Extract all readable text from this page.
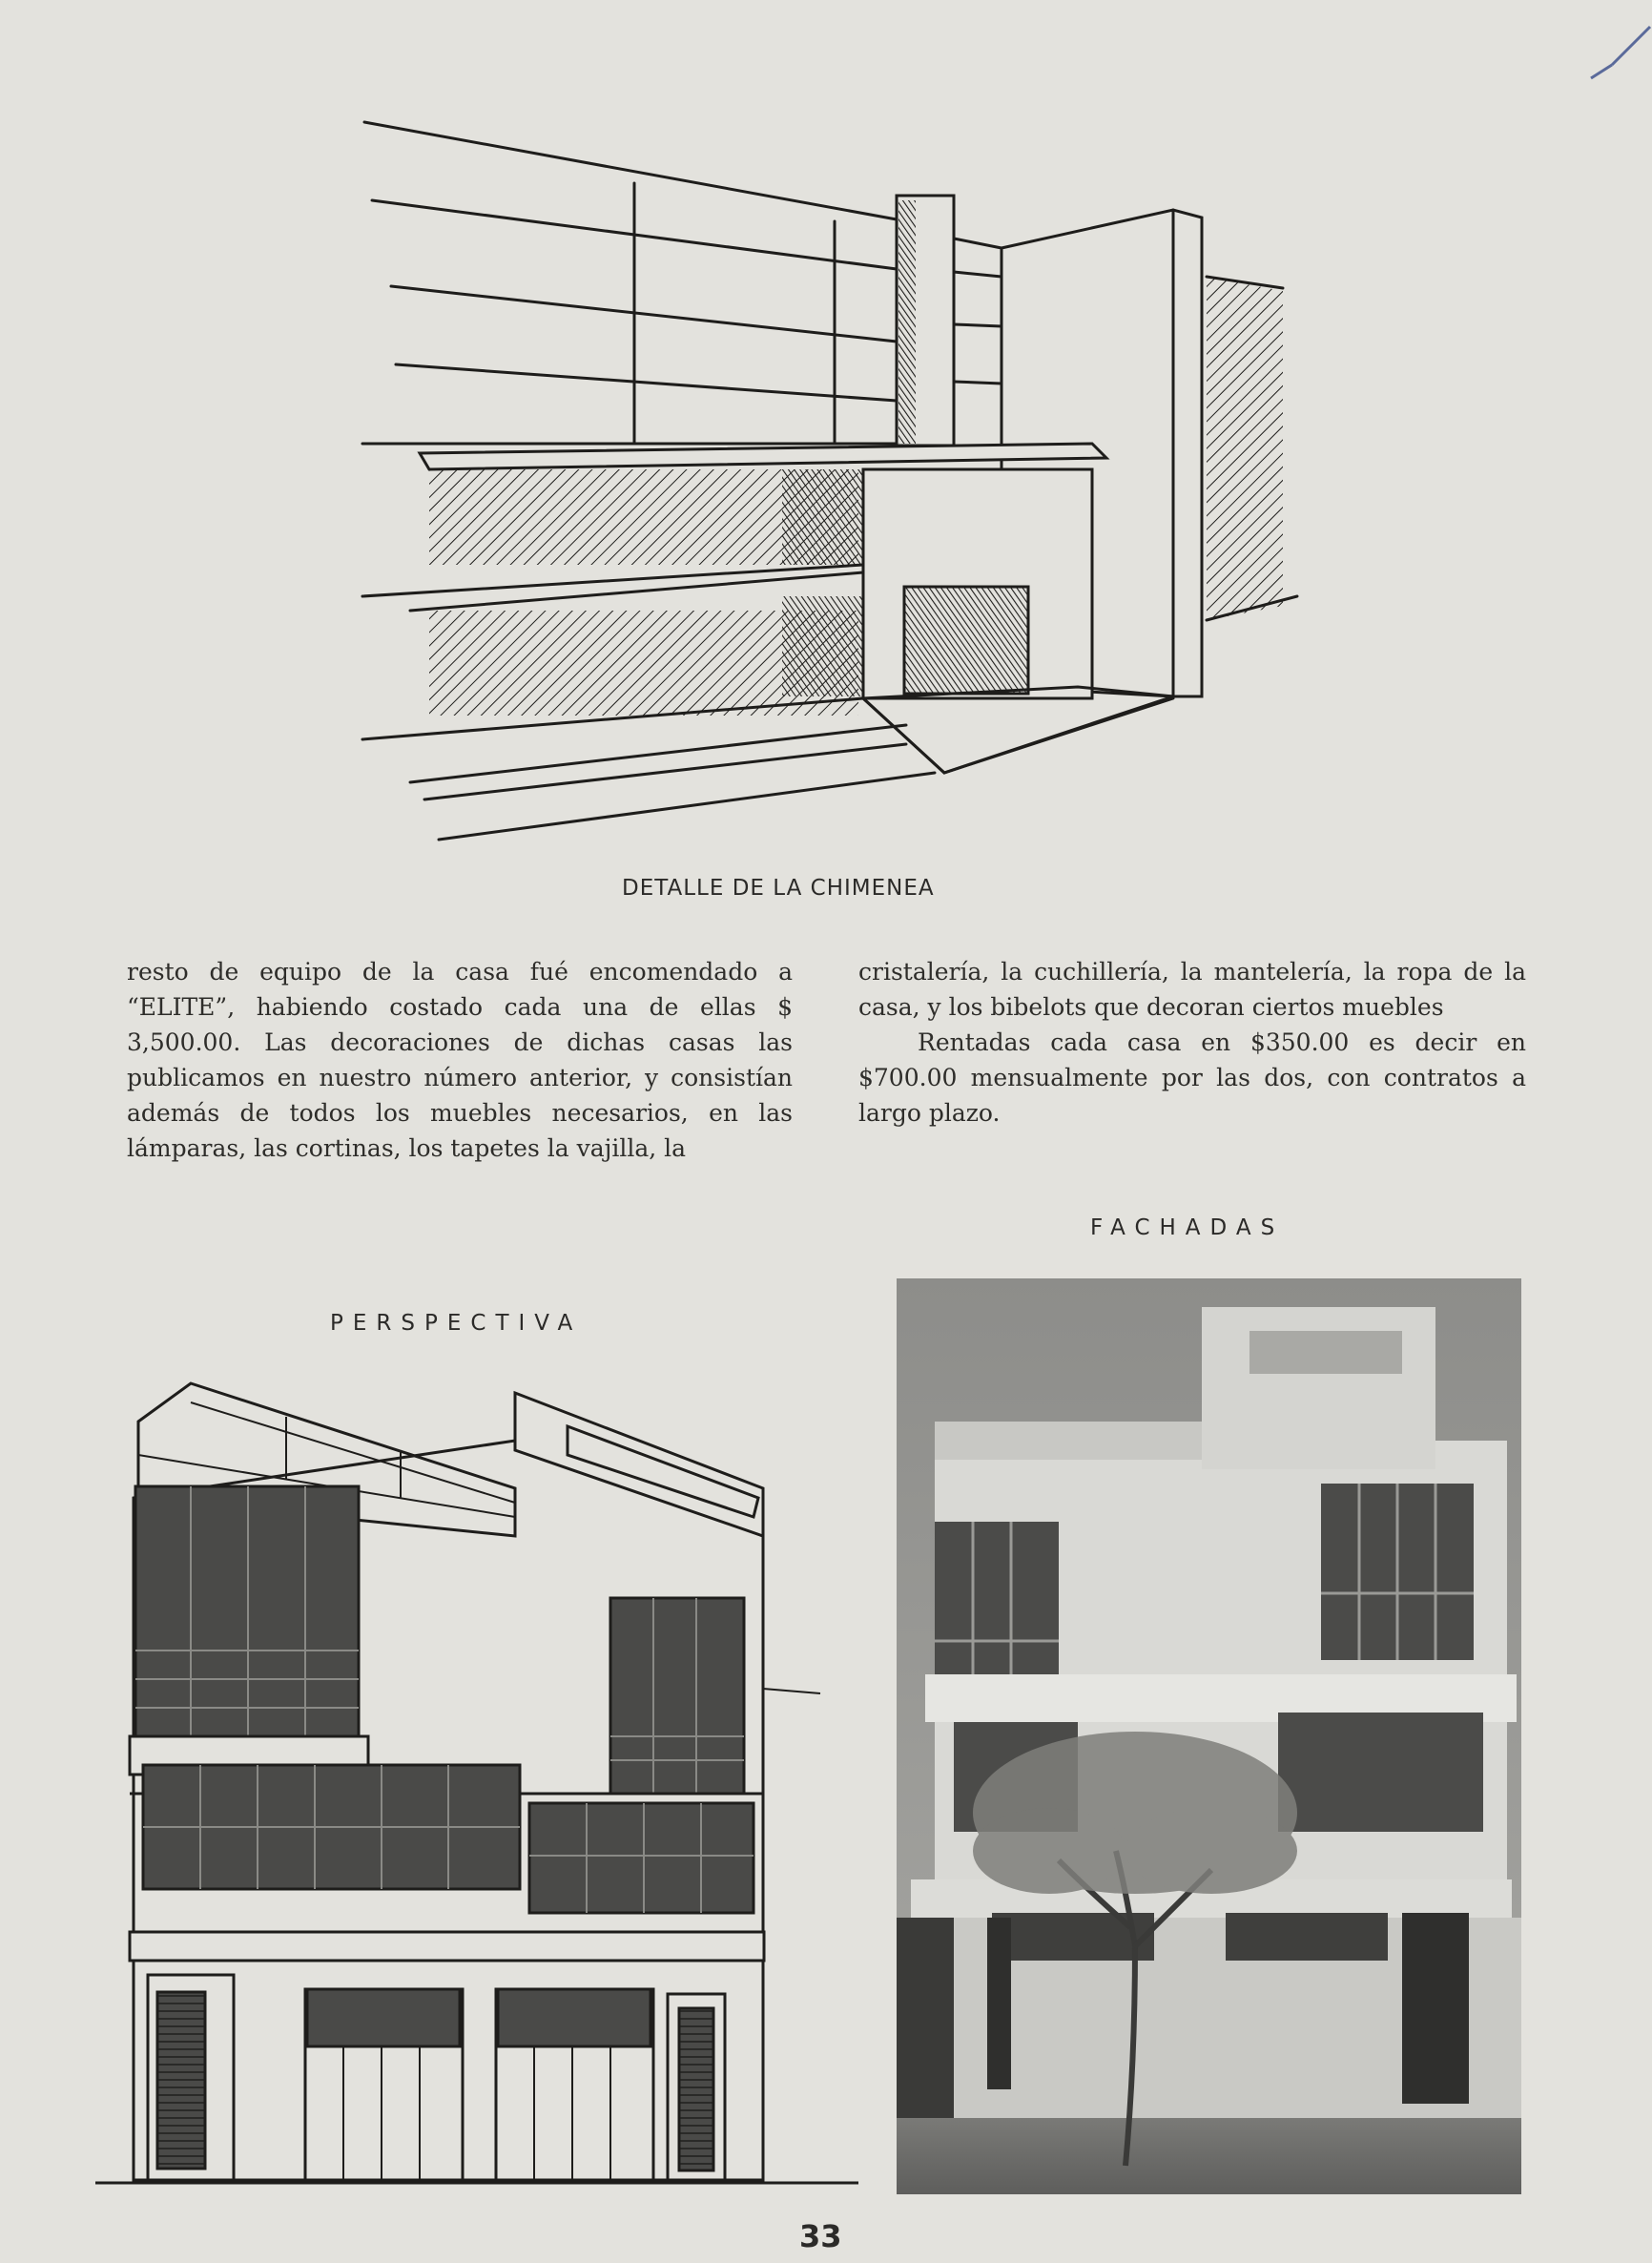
DETALLE DE LA CHIMENEA

resto de equipo de la casa fué encomendado a “ELITE”, habiendo costado cada una de ellas $ 3,500.00. Las decoraciones de dichas casas las publicamos en nuestro número anterior, y consistían además de todos los muebles necesarios, en las lámparas, las cortinas, los tapetes la vajilla, la

cristalería, la cuchillería, la mantelería, la ropa de la casa, y los bibelots que decoran ciertos muebles

Rentadas cada casa en $350.00 es decir en $700.00 mensualmente por las dos, con contratos a largo plazo.

FACHADAS
PERSPECTIVA
33
